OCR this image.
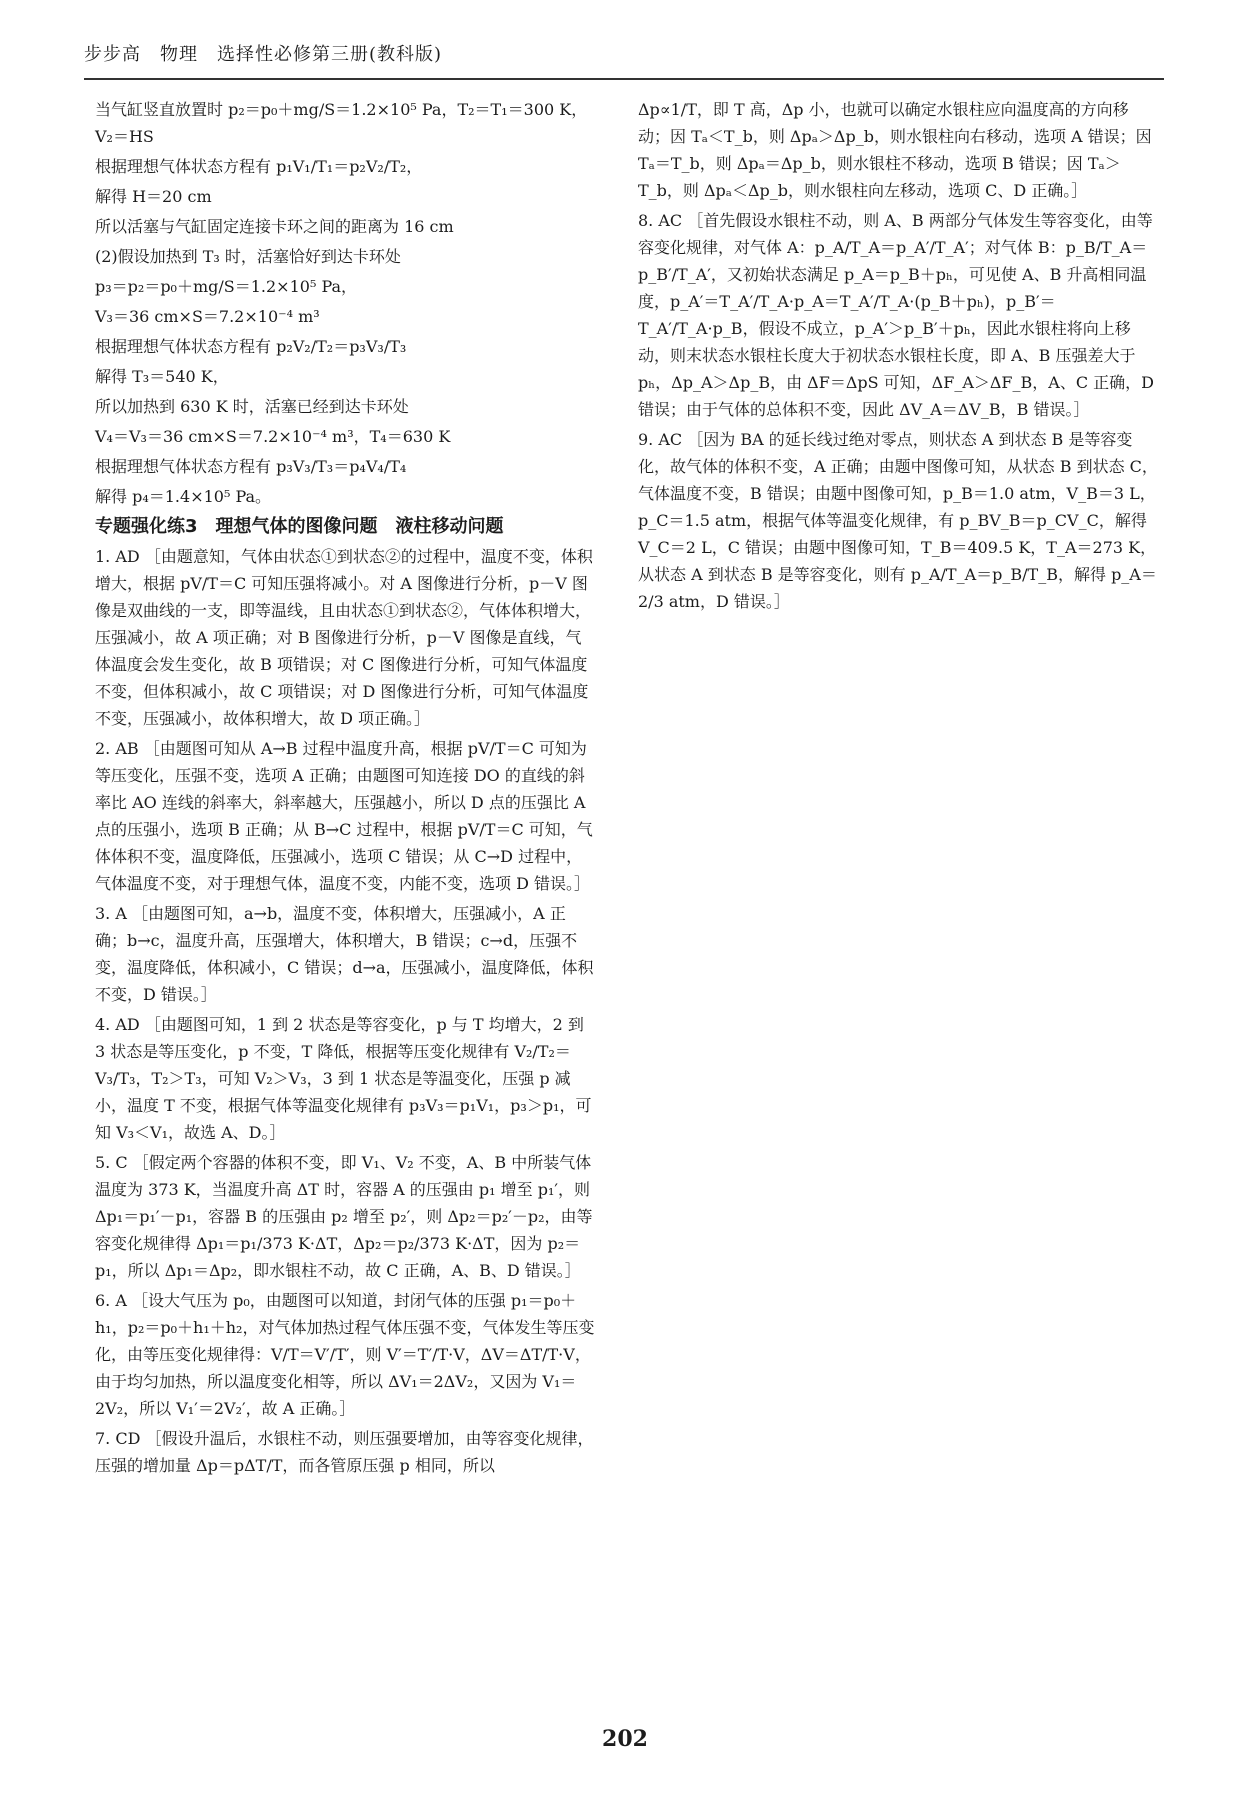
步步高　物理　选择性必修第三册(教科版)

当气缸竖直放置时 p₂＝p₀＋mg/S＝1.2×10⁵ Pa，T₂＝T₁＝300 K，V₂＝HS

根据理想气体状态方程有 p₁V₁/T₁＝p₂V₂/T₂，

解得 H＝20 cm

所以活塞与气缸固定连接卡环之间的距离为 16 cm

(2)假设加热到 T₃ 时，活塞恰好到达卡环处

p₃＝p₂＝p₀＋mg/S＝1.2×10⁵ Pa，

V₃＝36 cm×S＝7.2×10⁻⁴ m³

根据理想气体状态方程有 p₂V₂/T₂＝p₃V₃/T₃

解得 T₃＝540 K，

所以加热到 630 K 时，活塞已经到达卡环处

V₄＝V₃＝36 cm×S＝7.2×10⁻⁴ m³，T₄＝630 K

根据理想气体状态方程有 p₃V₃/T₃＝p₄V₄/T₄

解得 p₄＝1.4×10⁵ Pa。

专题强化练3　理想气体的图像问题　液柱移动问题

1. AD ［由题意知，气体由状态①到状态②的过程中，温度不变，体积增大，根据 pV/T＝C 可知压强将减小。对 A 图像进行分析，p－V 图像是双曲线的一支，即等温线，且由状态①到状态②，气体体积增大，压强减小，故 A 项正确；对 B 图像进行分析，p－V 图像是直线，气体温度会发生变化，故 B 项错误；对 C 图像进行分析，可知气体温度不变，但体积减小，故 C 项错误；对 D 图像进行分析，可知气体温度不变，压强减小，故体积增大，故 D 项正确。］

2. AB ［由题图可知从 A→B 过程中温度升高，根据 pV/T＝C 可知为等压变化，压强不变，选项 A 正确；由题图可知连接 DO 的直线的斜率比 AO 连线的斜率大，斜率越大，压强越小，所以 D 点的压强比 A 点的压强小，选项 B 正确；从 B→C 过程中，根据 pV/T＝C 可知，气体体积不变，温度降低，压强减小，选项 C 错误；从 C→D 过程中，气体温度不变，对于理想气体，温度不变，内能不变，选项 D 错误。］

3. A ［由题图可知，a→b，温度不变，体积增大，压强减小，A 正确；b→c，温度升高，压强增大，体积增大，B 错误；c→d，压强不变，温度降低，体积减小，C 错误；d→a，压强减小，温度降低，体积不变，D 错误。］

4. AD ［由题图可知，1 到 2 状态是等容变化，p 与 T 均增大，2 到 3 状态是等压变化，p 不变，T 降低，根据等压变化规律有 V₂/T₂＝V₃/T₃，T₂＞T₃，可知 V₂＞V₃，3 到 1 状态是等温变化，压强 p 减小，温度 T 不变，根据气体等温变化规律有 p₃V₃＝p₁V₁，p₃＞p₁，可知 V₃＜V₁，故选 A、D。］

5. C ［假定两个容器的体积不变，即 V₁、V₂ 不变，A、B 中所装气体温度为 373 K，当温度升高 ΔT 时，容器 A 的压强由 p₁ 增至 p₁′，则 Δp₁＝p₁′－p₁，容器 B 的压强由 p₂ 增至 p₂′，则 Δp₂＝p₂′－p₂，由等容变化规律得 Δp₁＝p₁/373 K·ΔT，Δp₂＝p₂/373 K·ΔT，因为 p₂＝p₁，所以 Δp₁＝Δp₂，即水银柱不动，故 C 正确，A、B、D 错误。］

6. A ［设大气压为 p₀，由题图可以知道，封闭气体的压强 p₁＝p₀＋h₁，p₂＝p₀＋h₁＋h₂，对气体加热过程气体压强不变，气体发生等压变化，由等压变化规律得：V/T＝V′/T′，则 V′＝T′/T·V，ΔV＝ΔT/T·V，由于均匀加热，所以温度变化相等，所以 ΔV₁＝2ΔV₂，又因为 V₁＝2V₂，所以 V₁′＝2V₂′，故 A 正确。］

7. CD ［假设升温后，水银柱不动，则压强要增加，由等容变化规律，压强的增加量 Δp＝pΔT/T，而各管原压强 p 相同，所以

Δp∝1/T，即 T 高，Δp 小，也就可以确定水银柱应向温度高的方向移动；因 Tₐ＜T_b，则 Δpₐ＞Δp_b，则水银柱向右移动，选项 A 错误；因 Tₐ＝T_b，则 Δpₐ＝Δp_b，则水银柱不移动，选项 B 错误；因 Tₐ＞T_b，则 Δpₐ＜Δp_b，则水银柱向左移动，选项 C、D 正确。］

8. AC ［首先假设水银柱不动，则 A、B 两部分气体发生等容变化，由等容变化规律，对气体 A：p_A/T_A＝p_A′/T_A′；对气体 B：p_B/T_A＝p_B′/T_A′，又初始状态满足 p_A＝p_B＋pₕ，可见使 A、B 升高相同温度，p_A′＝T_A′/T_A·p_A＝T_A′/T_A·(p_B＋pₕ)，p_B′＝T_A′/T_A·p_B，假设不成立，p_A′＞p_B′＋pₕ，因此水银柱将向上移动，则末状态水银柱长度大于初状态水银柱长度，即 A、B 压强差大于 pₕ，Δp_A＞Δp_B，由 ΔF＝ΔpS 可知，ΔF_A＞ΔF_B，A、C 正确，D 错误；由于气体的总体积不变，因此 ΔV_A＝ΔV_B，B 错误。］

9. AC ［因为 BA 的延长线过绝对零点，则状态 A 到状态 B 是等容变化，故气体的体积不变，A 正确；由题中图像可知，从状态 B 到状态 C，气体温度不变，B 错误；由题中图像可知，p_B＝1.0 atm，V_B＝3 L，p_C＝1.5 atm，根据气体等温变化规律，有 p_BV_B＝p_CV_C，解得 V_C＝2 L，C 错误；由题中图像可知，T_B＝409.5 K，T_A＝273 K，从状态 A 到状态 B 是等容变化，则有 p_A/T_A＝p_B/T_B，解得 p_A＝2/3 atm，D 错误。］

202
